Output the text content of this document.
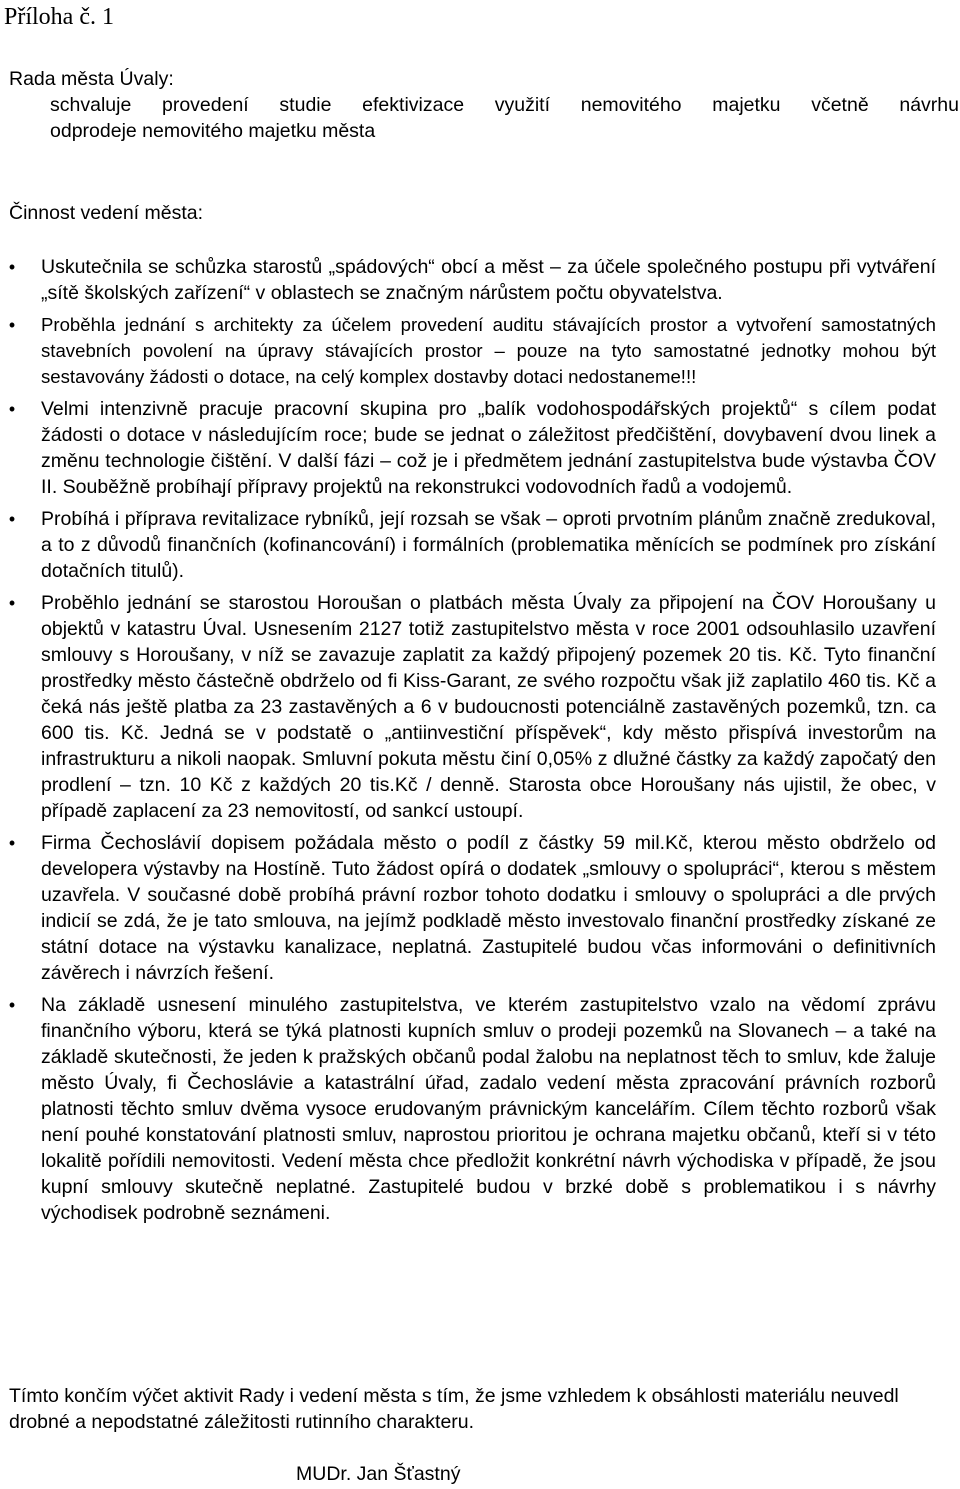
Příloha č. 1
Rada města Úvaly:
schvaluje provedení studie efektivizace využití nemovitého majetku včetně návrhu
odprodeje nemovitého majetku města
Činnost vedení města:
• Uskutečnila se schůzka starostů „spádových“ obcí a měst – za účele společného postupu při vytváření „sítě školských zařízení“ v oblastech se značným nárůstem počtu obyvatelstva.
• Proběhla jednání s architekty za účelem provedení auditu stávajících prostor a vytvoření samostatných stavebních povolení na úpravy stávajících prostor – pouze na tyto samostatné jednotky mohou být sestavovány žádosti o dotace, na celý komplex dostavby dotaci nedostaneme!!!
• Velmi intenzivně pracuje pracovní skupina pro „balík vodohospodářských projektů“ s cílem podat žádosti o dotace v následujícím roce; bude se jednat o záležitost předčištění, dovybavení dvou linek a změnu technologie čištění. V další fázi – což je i předmětem jednání zastupitelstva bude výstavba ČOV II. Souběžně probíhají přípravy projektů na rekonstrukci vodovodních řadů a vodojemů.
• Probíhá i příprava revitalizace rybníků, její rozsah se však – oproti prvotním plánům značně zredukoval, a to z důvodů finančních (kofinancování) i formálních (problematika měnících se podmínek pro získání dotačních titulů).
• Proběhlo jednání se starostou Horoušan o platbách města Úvaly za připojení na ČOV Horoušany u objektů v katastru Úval. Usnesením 2127 totiž zastupitelstvo města v roce 2001 odsouhlasilo uzavření smlouvy s Horoušany, v níž se zavazuje zaplatit za každý připojený pozemek 20 tis. Kč. Tyto finanční prostředky město částečně obdrželo od fi Kiss-Garant, ze svého rozpočtu však již zaplatilo 460 tis. Kč a čeká nás ještě platba za 23 zastavěných a 6 v budoucnosti potenciálně zastavěných pozemků, tzn. ca 600 tis. Kč. Jedná se v podstatě o „antiinvestiční příspěvek“, kdy město přispívá investorům na infrastrukturu a nikoli naopak. Smluvní pokuta městu činí 0,05% z dlužné částky za každý započatý den prodlení – tzn. 10 Kč z každých 20 tis.Kč / denně. Starosta obce Horoušany nás ujistil, že obec, v případě zaplacení za 23 nemovitostí, od sankcí ustoupí.
• Firma Čechoslávií dopisem požádala město o podíl z částky 59 mil.Kč, kterou město obdrželo od developera výstavby na Hostíně. Tuto žádost opírá o dodatek „smlouvy o spolupráci“, kterou s městem uzavřela. V současné době probíhá právní rozbor tohoto dodatku i smlouvy o spolupráci a dle prvých indicií se zdá, že je tato smlouva, na jejímž podkladě město investovalo finanční prostředky získané ze státní dotace na výstavku kanalizace, neplatná. Zastupitelé budou včas informováni o definitivních závěrech i návrzích řešení.
• Na základě usnesení minulého zastupitelstva, ve kterém zastupitelstvo vzalo na vědomí zprávu finančního výboru, která se týká platnosti kupních smluv o prodeji pozemků na Slovanech – a také na základě skutečnosti, že jeden k pražských občanů podal žalobu na neplatnost těch to smluv, kde žaluje město Úvaly, fi Čechoslávie a katastrální úřad, zadalo vedení města zpracování právních rozborů platnosti těchto smluv dvěma vysoce erudovaným právnickým kancelářím. Cílem těchto rozborů však není pouhé konstatování platnosti smluv, naprostou prioritou je ochrana majetku občanů, kteří si v této lokalitě pořídili nemovitosti. Vedení města chce předložit konkrétní návrh východiska v případě, že jsou kupní smlouvy skutečně neplatné. Zastupitelé budou v brzké době s problematikou i s návrhy východisek podrobně seznámeni.
Tímto končím výčet aktivit Rady i vedení města s tím, že jsme vzhledem k obsáhlosti materiálu neuvedl drobné a nepodstatné záležitosti rutinního charakteru.
MUDr. Jan Šťastný
